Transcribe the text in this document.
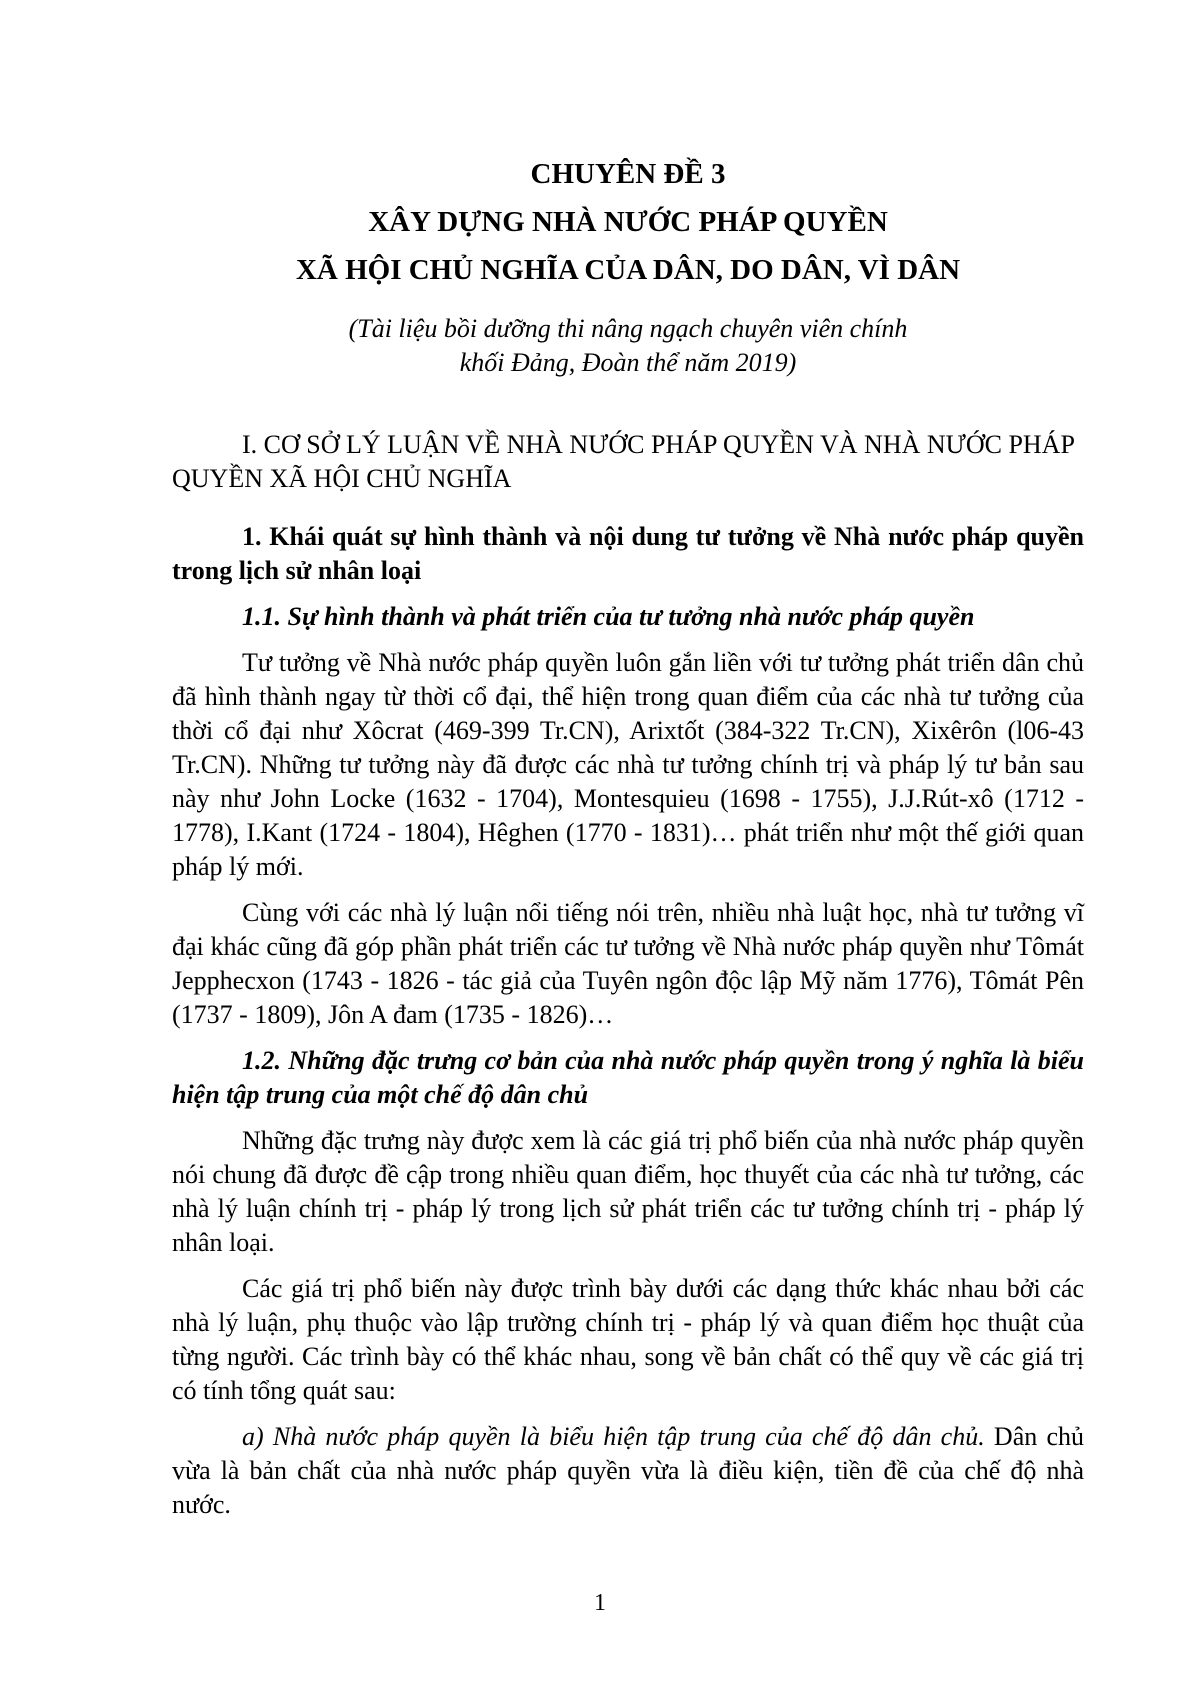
CHUYÊN ĐỀ 3

XÂY DỰNG NHÀ NƯỚC PHÁP QUYỀN

XÃ HỘI CHỦ NGHĨA CỦA DÂN, DO DÂN, VÌ DÂN

(Tài liệu bồi dưỡng thi nâng ngạch chuyên viên chính
khối Đảng, Đoàn thể năm 2019)

I. CƠ SỞ LÝ LUẬN VỀ NHÀ NƯỚC PHÁP QUYỀN VÀ NHÀ NƯỚC PHÁP QUYỀN XÃ HỘI CHỦ NGHĨA

1. Khái quát sự hình thành và nội dung tư tưởng về Nhà nước pháp quyền trong lịch sử nhân loại

1.1. Sự hình thành và phát triển của tư tưởng nhà nước pháp quyền

Tư tưởng về Nhà nước pháp quyền luôn gắn liền với tư tưởng phát triển dân chủ đã hình thành ngay từ thời cổ đại, thể hiện trong quan điểm của các nhà tư tưởng của thời cổ đại như Xôcrat (469-399 Tr.CN), Arixtốt (384-322 Tr.CN), Xixêrôn (l06-43 Tr.CN). Những tư tưởng này đã được các nhà tư tưởng chính trị và pháp lý tư bản sau này như John Locke (1632 - 1704), Montesquieu (1698 - 1755), J.J.Rút-xô (1712 - 1778), I.Kant (1724 - 1804), Hêghen (1770 - 1831)… phát triển như một thế giới quan pháp lý mới.

Cùng với các nhà lý luận nổi tiếng nói trên, nhiều nhà luật học, nhà tư tưởng vĩ đại khác cũng đã góp phần phát triển các tư tưởng về Nhà nước pháp quyền như Tômát Jepphecxon (1743 - 1826 - tác giả của Tuyên ngôn độc lập Mỹ năm 1776), Tômát Pên (1737 - 1809), Jôn A đam (1735 - 1826)…

1.2. Những đặc trưng cơ bản của nhà nước pháp quyền trong ý nghĩa là biểu hiện tập trung của một chế độ dân chủ

Những đặc trưng này được xem là các giá trị phổ biến của nhà nước pháp quyền nói chung đã được đề cập trong nhiều quan điểm, học thuyết của các nhà tư tưởng, các nhà lý luận chính trị - pháp lý trong lịch sử phát triển các tư tưởng chính trị - pháp lý nhân loại.

Các giá trị phổ biến này được trình bày dưới các dạng thức khác nhau bởi các nhà lý luận, phụ thuộc vào lập trường chính trị - pháp lý và quan điểm học thuật của từng người. Các trình bày có thể khác nhau, song về bản chất có thể quy về các giá trị có tính tổng quát sau:

a) Nhà nước pháp quyền là biểu hiện tập trung của chế độ dân chủ. Dân chủ vừa là bản chất của nhà nước pháp quyền vừa là điều kiện, tiền đề của chế độ nhà nước.

1
